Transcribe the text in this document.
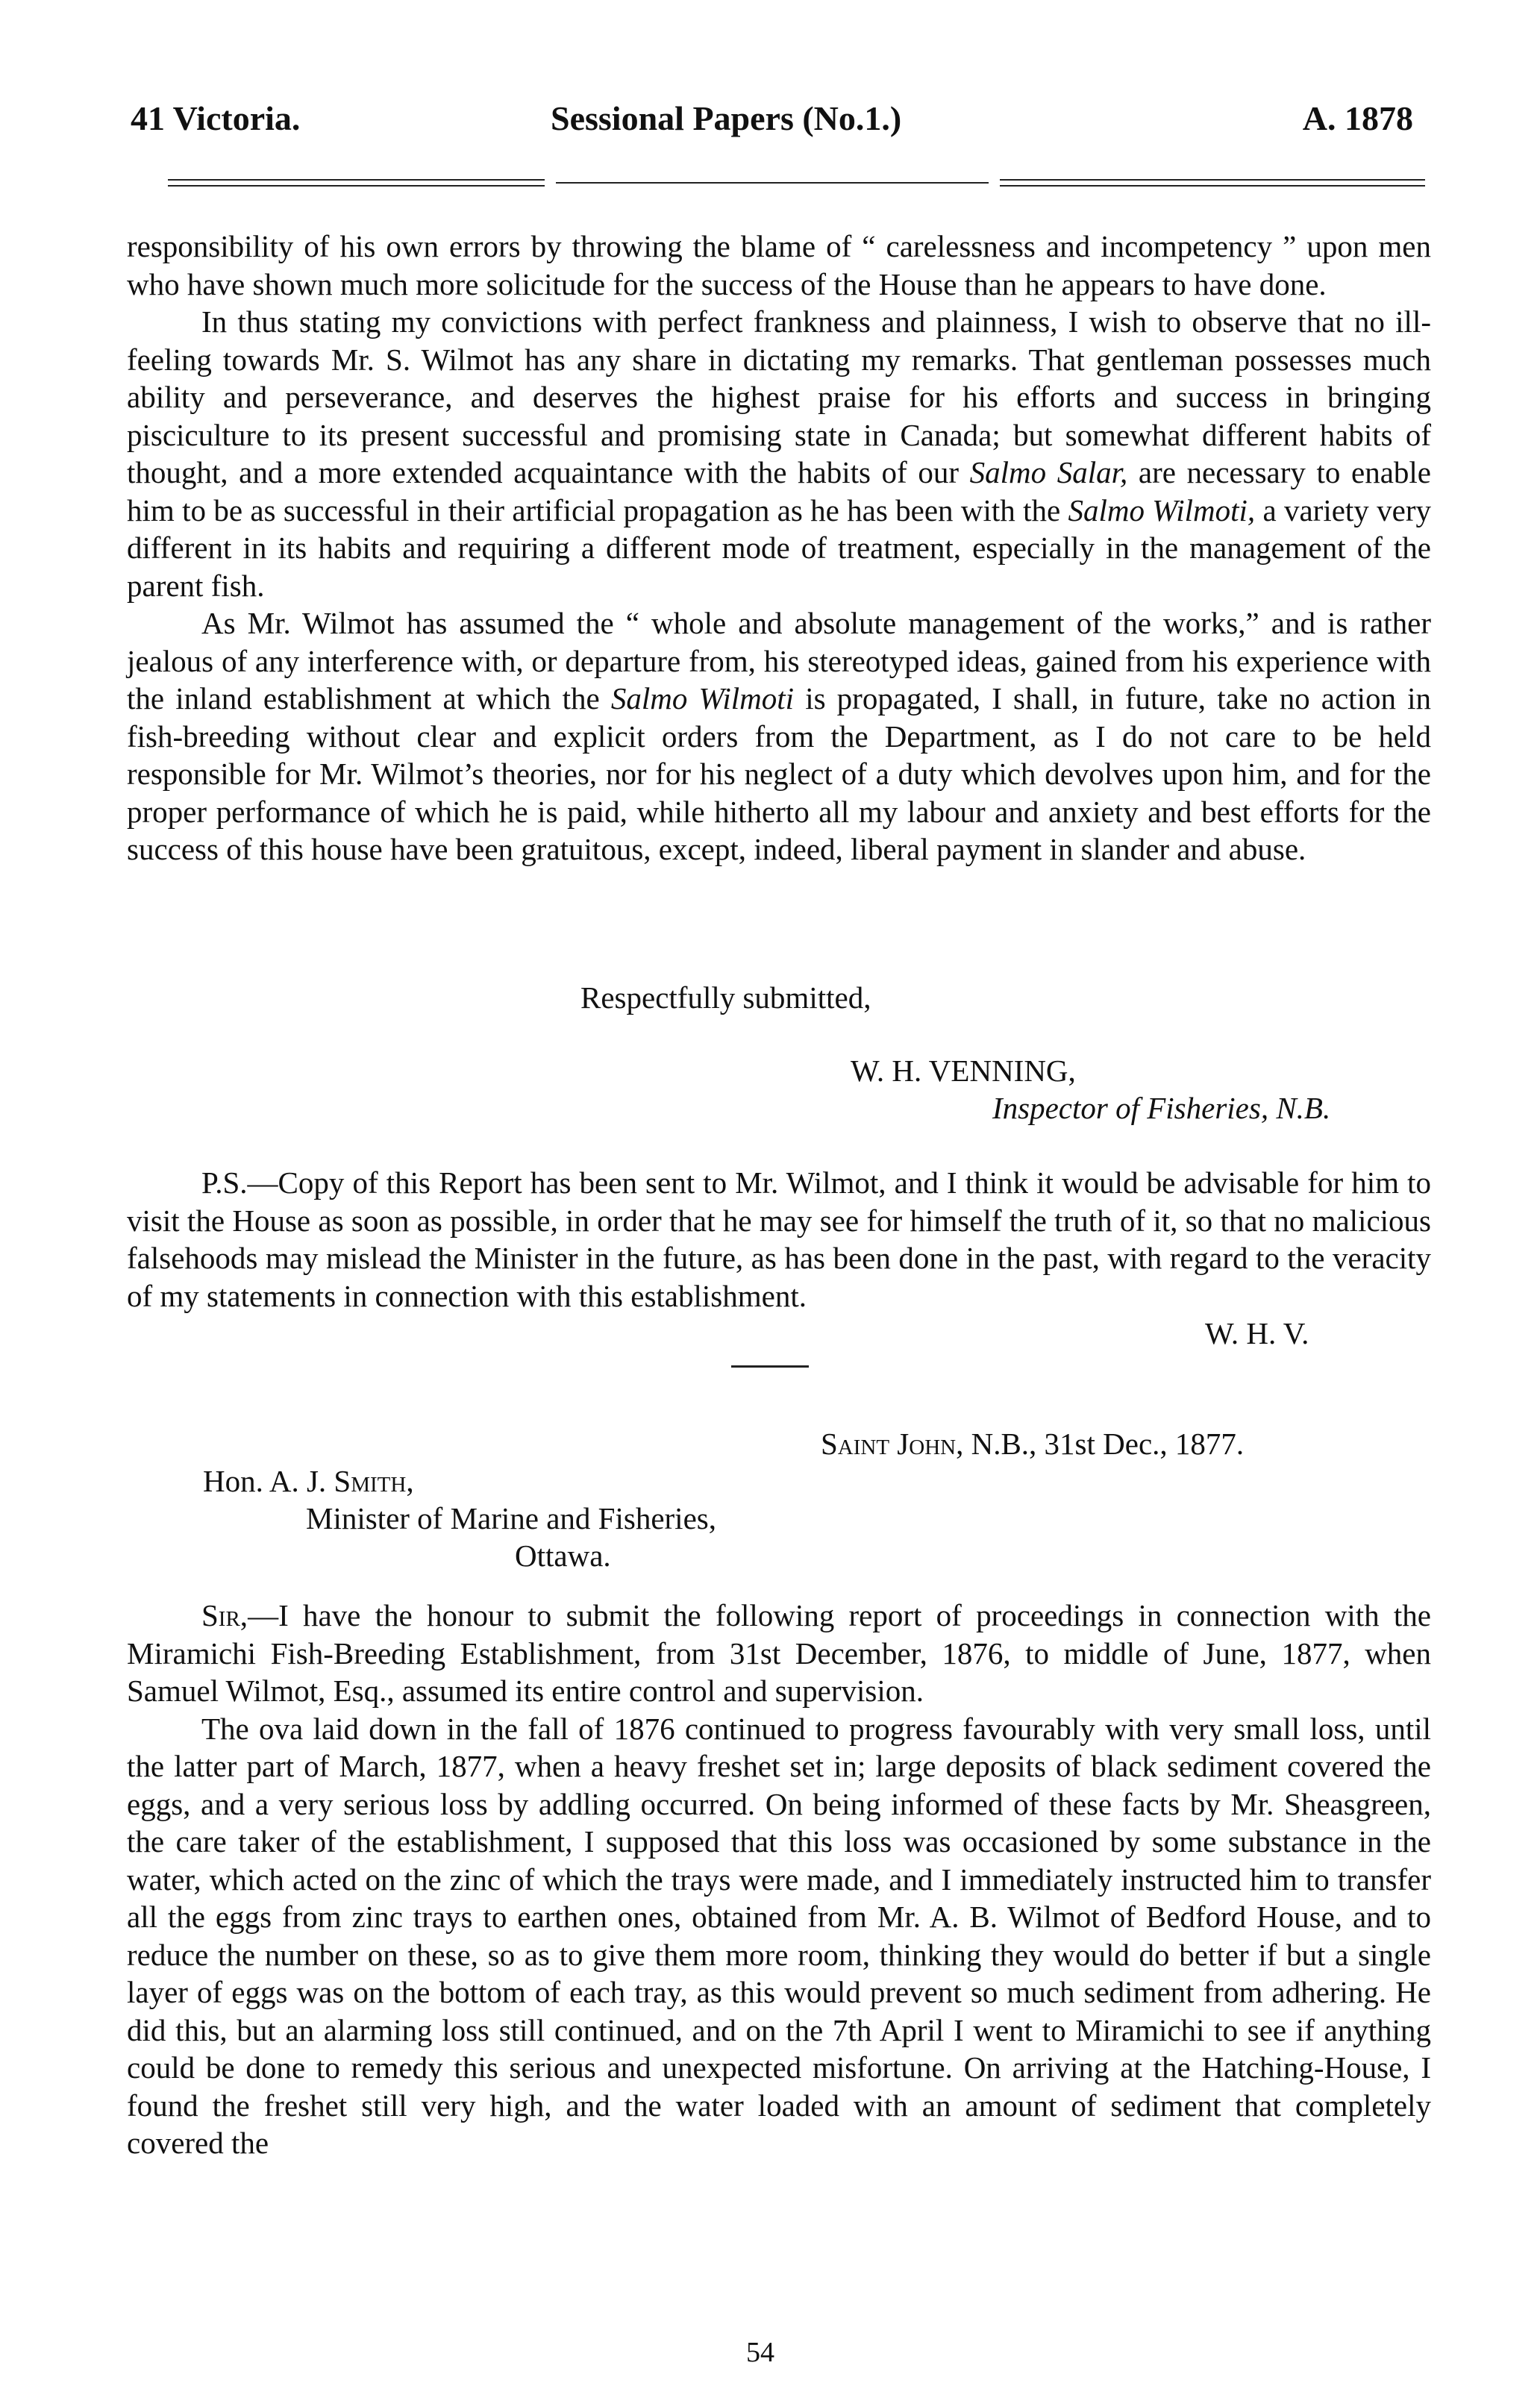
41 Victoria.	Sessional Papers (No.1.)	A. 1878

responsibility of his own errors by throwing the blame of “ carelessness and incompetency ” upon men who have shown much more solicitude for the success of the House than he appears to have done.

In thus stating my convictions with perfect frankness and plainness, I wish to observe that no ill-feeling towards Mr. S. Wilmot has any share in dictating my remarks. That gentleman possesses much ability and perseverance, and deserves the highest praise for his efforts and success in bringing pisciculture to its present successful and promising state in Canada; but somewhat different habits of thought, and a more extended acquaintance with the habits of our Salmo Salar, are necessary to enable him to be as successful in their artificial propagation as he has been with the Salmo Wilmoti, a variety very different in its habits and requiring a different mode of treatment, especially in the management of the parent fish.

As Mr. Wilmot has assumed the “ whole and absolute management of the works,” and is rather jealous of any interference with, or departure from, his stereotyped ideas, gained from his experience with the inland establishment at which the Salmo Wilmoti is propagated, I shall, in future, take no action in fish-breeding without clear and explicit orders from the Department, as I do not care to be held responsible for Mr. Wilmot’s theories, nor for his neglect of a duty which devolves upon him, and for the proper performance of which he is paid, while hitherto all my labour and anxiety and best efforts for the success of this house have been gratuitous, except, indeed, liberal payment in slander and abuse.

Respectfully submitted,
W. H. VENNING,
Inspector of Fisheries, N.B.

P.S.—Copy of this Report has been sent to Mr. Wilmot, and I think it would be advisable for him to visit the House as soon as possible, in order that he may see for himself the truth of it, so that no malicious falsehoods may mislead the Minister in the future, as has been done in the past, with regard to the veracity of my statements in connection with this establishment.

W. H. V.
Saint John, N.B., 31st Dec., 1877.
Hon. A. J. Smith,
Minister of Marine and Fisheries,
Ottawa.

Sir,—I have the honour to submit the following report of proceedings in connection with the Miramichi Fish-Breeding Establishment, from 31st December, 1876, to middle of June, 1877, when Samuel Wilmot, Esq., assumed its entire control and supervision.

The ova laid down in the fall of 1876 continued to progress favourably with very small loss, until the latter part of March, 1877, when a heavy freshet set in; large deposits of black sediment covered the eggs, and a very serious loss by addling occurred. On being informed of these facts by Mr. Sheasgreen, the care taker of the establishment, I supposed that this loss was occasioned by some substance in the water, which acted on the zinc of which the trays were made, and I immediately instructed him to transfer all the eggs from zinc trays to earthen ones, obtained from Mr. A. B. Wilmot of Bedford House, and to reduce the number on these, so as to give them more room, thinking they would do better if but a single layer of eggs was on the bottom of each tray, as this would prevent so much sediment from adhering. He did this, but an alarming loss still continued, and on the 7th April I went to Miramichi to see if anything could be done to remedy this serious and unexpected misfortune. On arriving at the Hatching-House, I found the freshet still very high, and the water loaded with an amount of sediment that completely covered the

54
